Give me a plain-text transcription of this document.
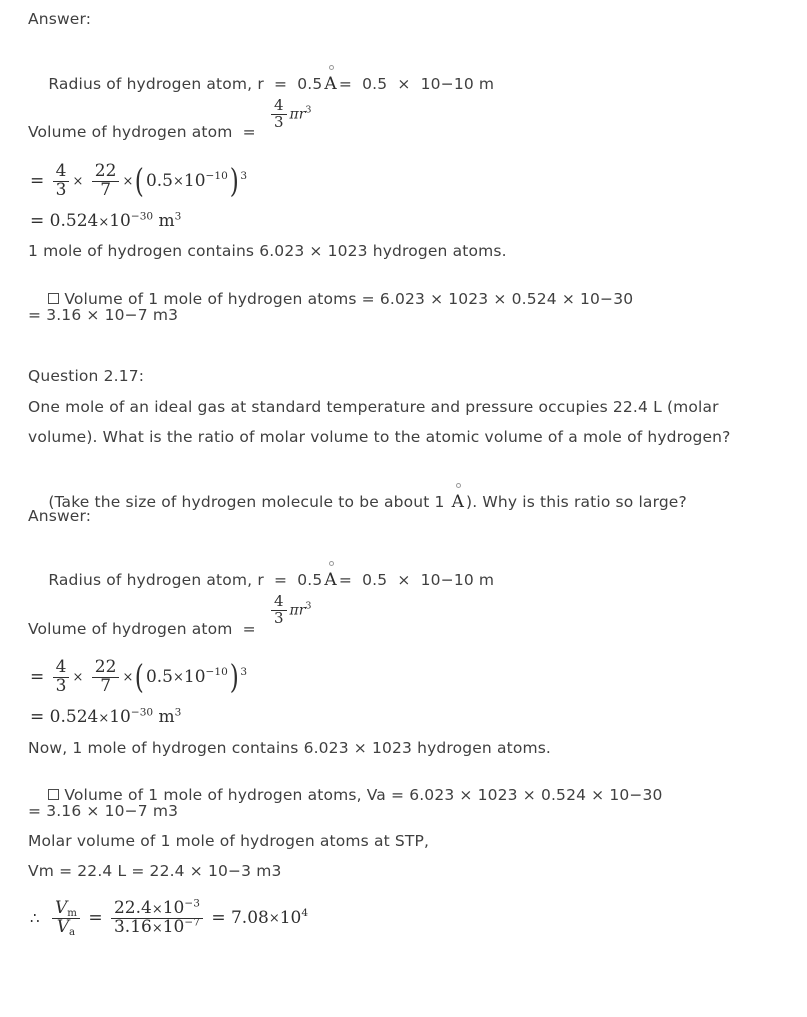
Answer:

Radius of hydrogen atom, r  =  0.5 A =  0.5  ×  10−10 m

Volume of hydrogen atom  =
$\frac{4}{3} \pi r^3$
= $\frac{4}{3} \times \frac{22}{7}$ ×( $0.5\times 10^{-10}$) $^3$
= $0.524\times 10^{-30}$ $m^3$
1 mole of hydrogen contains 6.023 × 1023 hydrogen atoms.

Volume of 1 mole of hydrogen atoms = 6.023 × 1023 × 0.524 × 10−30

= 3.16 × 10−7 m3
Question 2.17:
One mole of an ideal gas at standard temperature and pressure occupies 22.4 L (molar
volume). What is the ratio of molar volume to the atomic volume of a mole of hydrogen?

(Take the size of hydrogen molecule to be about 1 A ). Why is this ratio so large?

Answer:

Radius of hydrogen atom, r  =  0.5 A =  0.5  ×  10−10 m

Volume of hydrogen atom  =
$\frac{4}{3} \pi r^3$
= $\frac{4}{3} \times \frac{22}{7}$ ×( $0.5\times 10^{-10}$) $^3$
= $0.524\times 10^{-30}$ $m^3$
Now, 1 mole of hydrogen contains 6.023 × 1023 hydrogen atoms.

Volume of 1 mole of hydrogen atoms, Va = 6.023 × 1023 × 0.524 × 10−30

= 3.16 × 10−7 m3
Molar volume of 1 mole of hydrogen atoms at STP,
Vm = 22.4 L = 22.4 × 10−3 m3
∴ $\frac{V_m}{V_a} = \frac{22.4\times 10^{-3}}{3.16\times 10^{-7}} = 7.08\times 10^4$
